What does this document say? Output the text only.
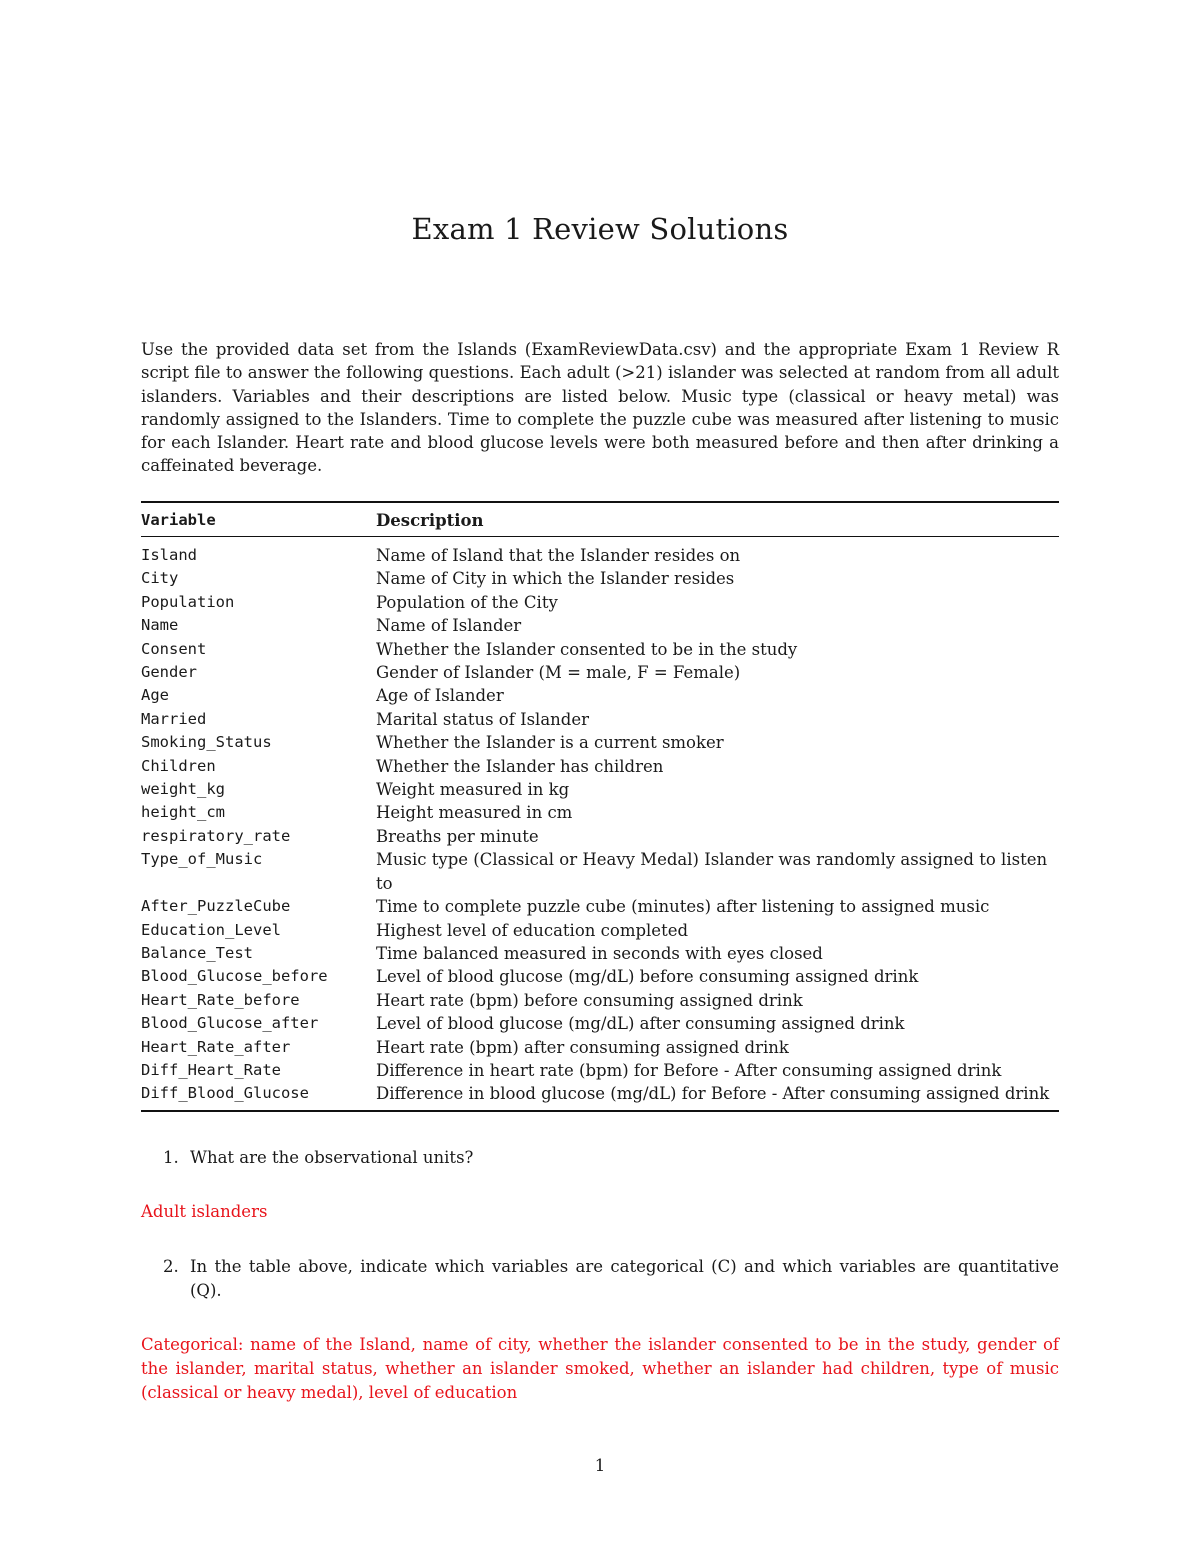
Exam 1 Review Solutions

Use the provided data set from the Islands (ExamReviewData.csv) and the appropriate Exam 1 Review R script file to answer the following questions. Each adult (>21) islander was selected at random from all adult islanders. Variables and their descriptions are listed below. Music type (classical or heavy metal) was randomly assigned to the Islanders. Time to complete the puzzle cube was measured after listening to music for each Islander. Heart rate and blood glucose levels were both measured before and then after drinking a caffeinated beverage.

Variable	Description
Island	Name of Island that the Islander resides on
City	Name of City in which the Islander resides
Population	Population of the City
Name	Name of Islander
Consent	Whether the Islander consented to be in the study
Gender	Gender of Islander (M = male, F = Female)
Age	Age of Islander
Married	Marital status of Islander
Smoking_Status	Whether the Islander is a current smoker
Children	Whether the Islander has children
weight_kg	Weight measured in kg
height_cm	Height measured in cm
respiratory_rate	Breaths per minute
Type_of_Music	Music type (Classical or Heavy Medal) Islander was randomly assigned to listen to
After_PuzzleCube	Time to complete puzzle cube (minutes) after listening to assigned music
Education_Level	Highest level of education completed
Balance_Test	Time balanced measured in seconds with eyes closed
Blood_Glucose_before	Level of blood glucose (mg/dL) before consuming assigned drink
Heart_Rate_before	Heart rate (bpm) before consuming assigned drink
Blood_Glucose_after	Level of blood glucose (mg/dL) after consuming assigned drink
Heart_Rate_after	Heart rate (bpm) after consuming assigned drink
Diff_Heart_Rate	Difference in heart rate (bpm) for Before - After consuming assigned drink
Diff_Blood_Glucose	Difference in blood glucose (mg/dL) for Before - After consuming assigned drink

1. What are the observational units?

Adult islanders

2. In the table above, indicate which variables are categorical (C) and which variables are quantitative (Q).

Categorical: name of the Island, name of city, whether the islander consented to be in the study, gender of the islander, marital status, whether an islander smoked, whether an islander had children, type of music (classical or heavy medal), level of education

1
